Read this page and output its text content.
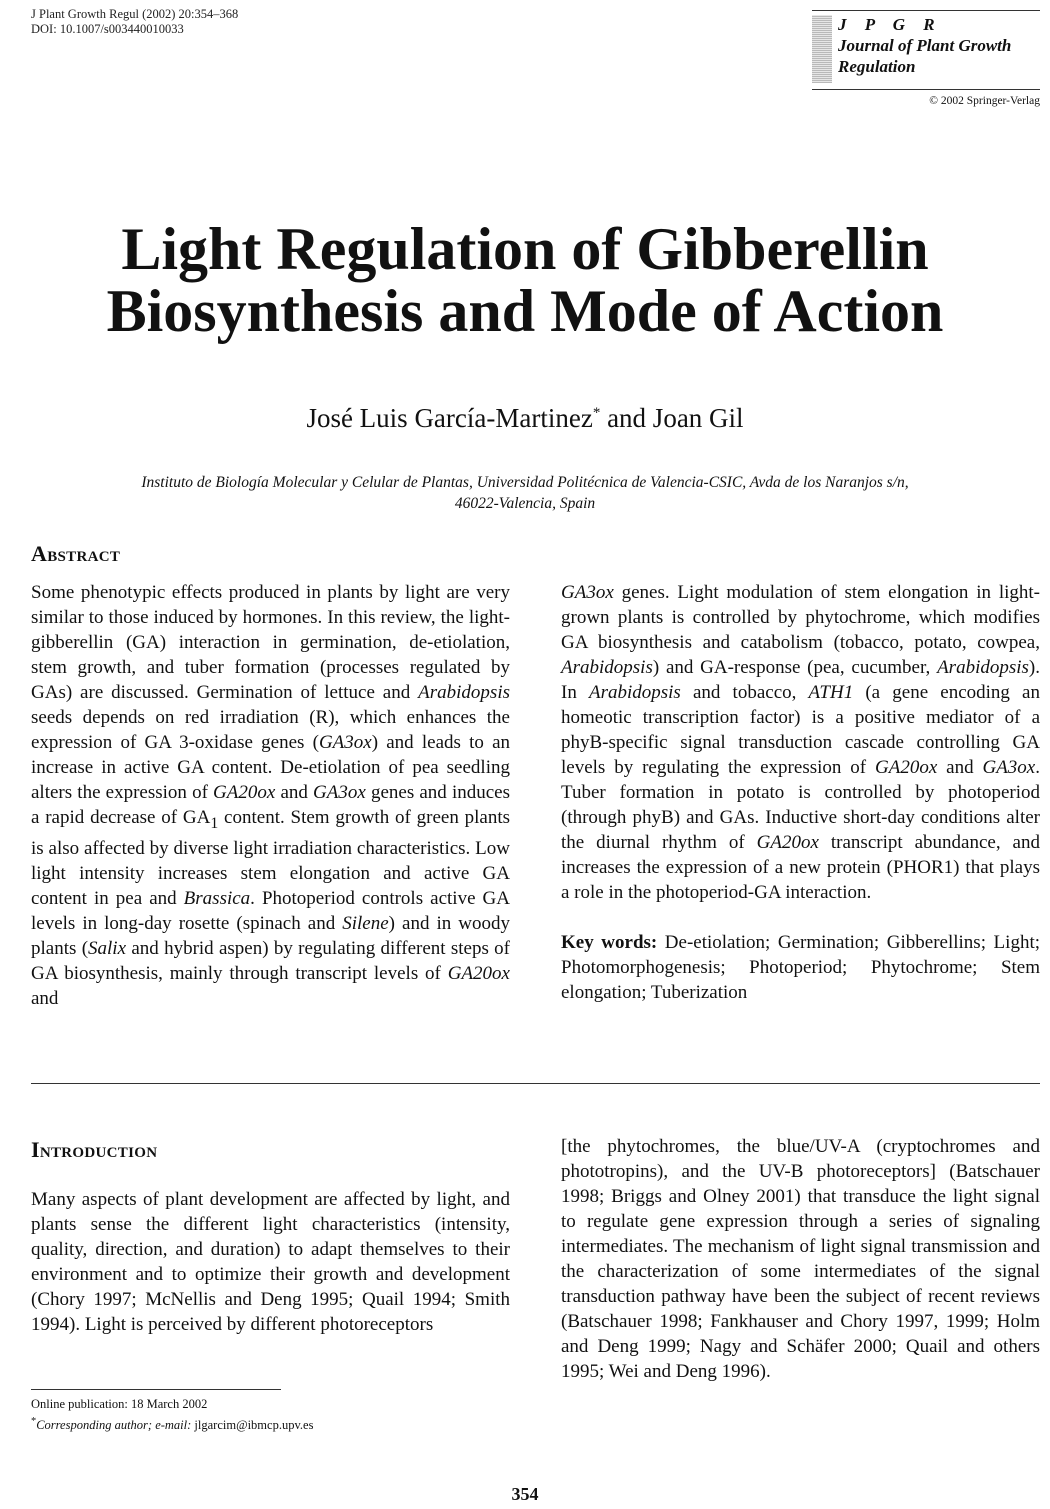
J Plant Growth Regul (2002) 20:354–368
DOI: 10.1007/s003440010033	J P G R
Journal of Plant Growth
Regulation
© 2002 Springer-Verlag
Light Regulation of Gibberellin
Biosynthesis and Mode of Action
José Luis García-Martinez* and Joan Gil
Instituto de Biología Molecular y Celular de Plantas, Universidad Politécnica de Valencia-CSIC, Avda de los Naranjos s/n,
46022-Valencia, Spain
Abstract

Some phenotypic effects produced in plants by light are very similar to those induced by hormones. In this review, the light-gibberellin (GA) interaction in germination, de-etiolation, stem growth, and tuber formation (processes regulated by GAs) are discussed. Germination of lettuce and Arabidopsis seeds depends on red irradiation (R), which enhances the expression of GA 3-oxidase genes (GA3ox) and leads to an increase in active GA content. De-etiolation of pea seedling alters the expression of GA20ox and GA3ox genes and induces a rapid decrease of $GA_1$ content. Stem growth of green plants is also affected by diverse light irradiation characteristics. Low light intensity increases stem elongation and active GA content in pea and Brassica. Photoperiod controls active GA levels in long-day rosette (spinach and Silene) and in woody plants (Salix and hybrid aspen) by regulating different steps of GA biosynthesis, mainly through transcript levels of GA20ox and

GA3ox genes. Light modulation of stem elongation in light-grown plants is controlled by phytochrome, which modifies GA biosynthesis and catabolism (tobacco, potato, cowpea, Arabidopsis) and GA-response (pea, cucumber, Arabidopsis). In Arabidopsis and tobacco, ATH1 (a gene encoding an homeotic transcription factor) is a positive mediator of a phyB-specific signal transduction cascade controlling GA levels by regulating the expression of GA20ox and GA3ox. Tuber formation in potato is controlled by photoperiod (through phyB) and GAs. Inductive short-day conditions alter the diurnal rhythm of GA20ox transcript abundance, and increases the expression of a new protein (PHOR1) that plays a role in the photoperiod-GA interaction.

Key words: De-etiolation; Germination; Gibberellins; Light; Photomorphogenesis; Photoperiod; Phytochrome; Stem elongation; Tuberization

Introduction

Many aspects of plant development are affected by light, and plants sense the different light characteristics (intensity, quality, direction, and duration) to adapt themselves to their environment and to optimize their growth and development (Chory 1997; McNellis and Deng 1995; Quail 1994; Smith 1994). Light is perceived by different photoreceptors

[the phytochromes, the blue/UV-A (cryptochromes and phototropins), and the UV-B photoreceptors] (Batschauer 1998; Briggs and Olney 2001) that transduce the light signal to regulate gene expression through a series of signaling intermediates. The mechanism of light signal transmission and the characterization of some intermediates of the signal transduction pathway have been the subject of recent reviews (Batschauer 1998; Fankhauser and Chory 1997, 1999; Holm and Deng 1999; Nagy and Schäfer 2000; Quail and others 1995; Wei and Deng 1996).

Online publication: 18 March 2002
*Corresponding author; e-mail: jlgarcim@ibmcp.upv.es
354
